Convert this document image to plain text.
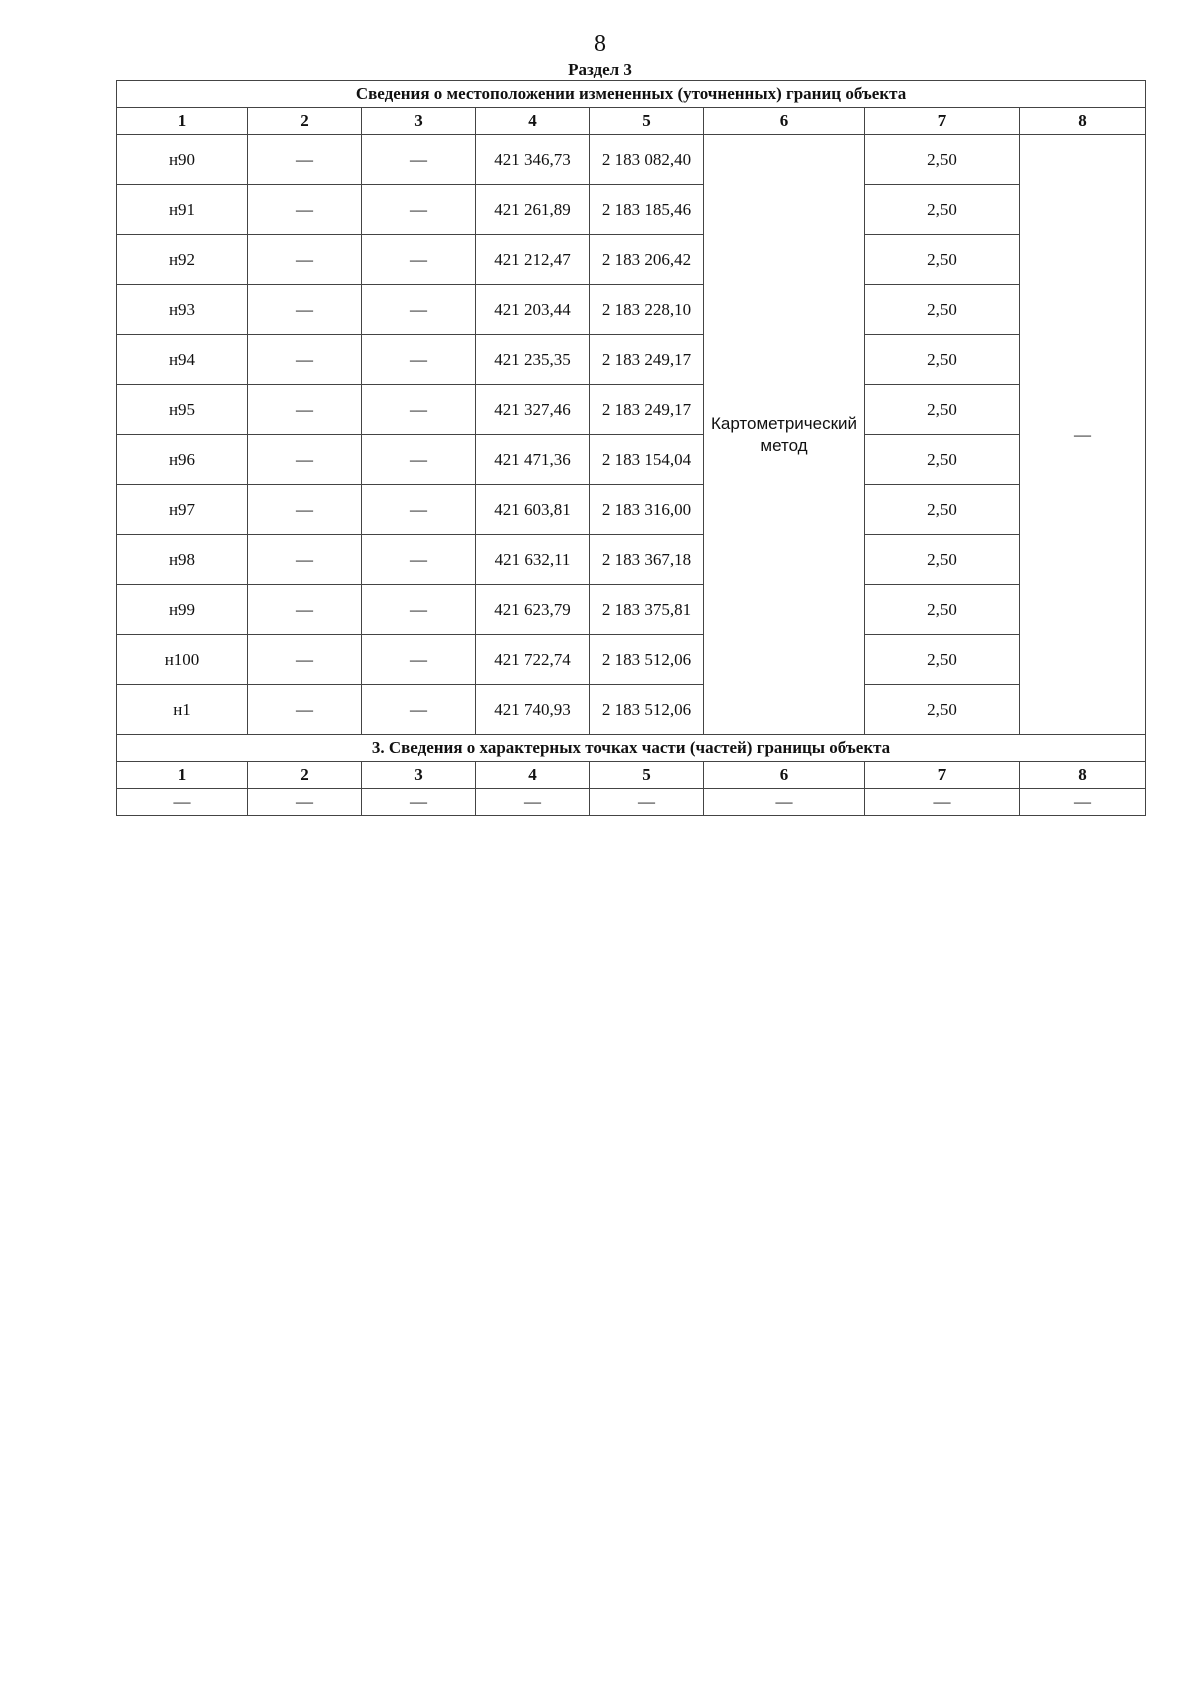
8
Раздел 3
Сведения о местоположении измененных (уточненных) границ объекта							
1	2	3	4	5	6	7	8
н90	—	—	421 346,73	2 183 082,40	Картометрический метод	2,50	—
н91	—	—	421 261,89	2 183 185,46		2,50	
н92	—	—	421 212,47	2 183 206,42		2,50	
н93	—	—	421 203,44	2 183 228,10		2,50	
н94	—	—	421 235,35	2 183 249,17		2,50	
н95	—	—	421 327,46	2 183 249,17		2,50	
н96	—	—	421 471,36	2 183 154,04		2,50	
н97	—	—	421 603,81	2 183 316,00		2,50	
н98	—	—	421 632,11	2 183 367,18		2,50	
н99	—	—	421 623,79	2 183 375,81		2,50	
н100	—	—	421 722,74	2 183 512,06		2,50	
н1	—	—	421 740,93	2 183 512,06		2,50	
3. Сведения о характерных точках части (частей) границы объекта							
1	2	3	4	5	6	7	8
—	—	—	—	—	—	—	—
